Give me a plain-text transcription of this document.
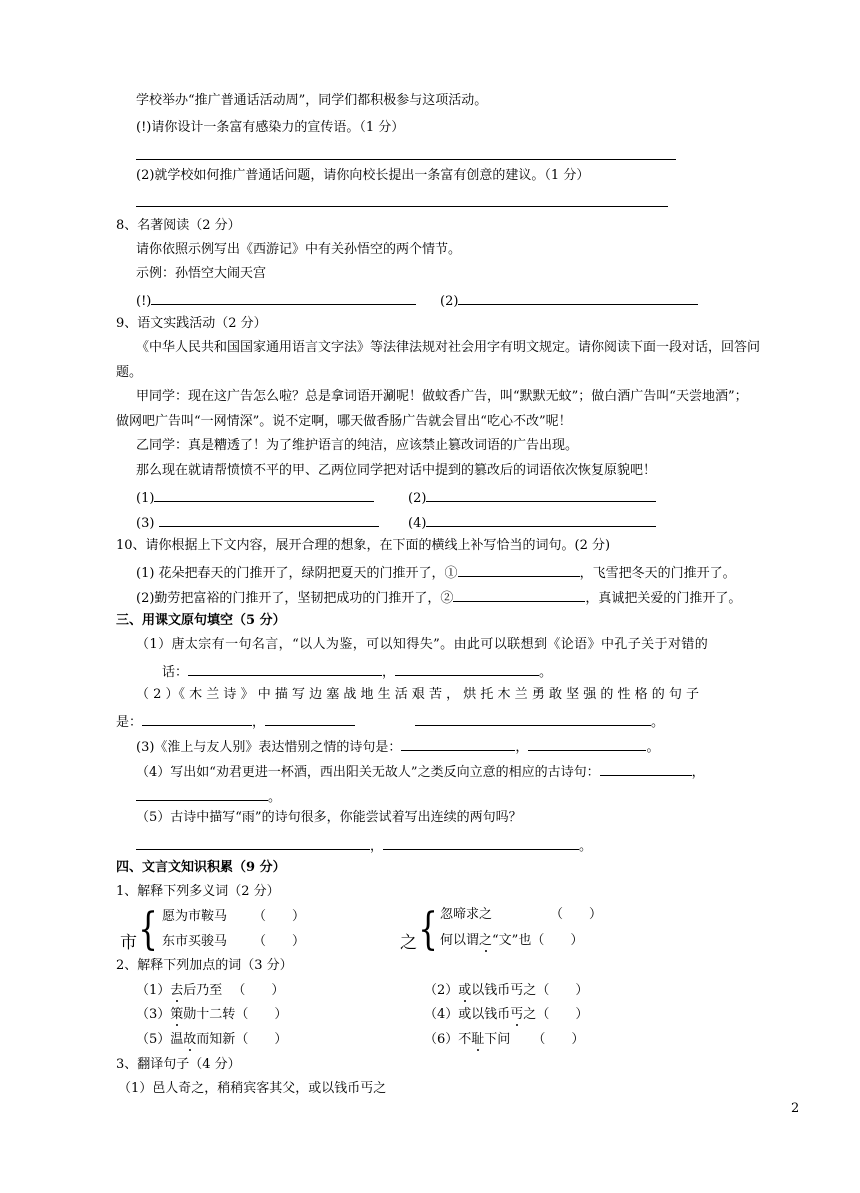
学校举办“推广普通话活动周”，同学们都积极参与这项活动。
(!)请你设计一条富有感染力的宣传语。（1 分）
(2)就学校如何推广普通话问题，请你向校长提出一条富有创意的建议。（1 分）
8、名著阅读（2 分）
请你依照示例写出《西游记》中有关孙悟空的两个情节。
示例：孙悟空大闹天宫
(!)	(2)
9、语文实践活动（2 分）
《中华人民共和国国家通用语言文字法》等法律法规对社会用字有明文规定。请你阅读下面一段对话，回答问
题。
甲同学：现在这广告怎么啦？总是拿词语开涮呢！做蚊香广告，叫“默默无蚊”；做白酒广告叫“天尝地酒”；
做网吧广告叫“一网情深”。说不定啊，哪天做香肠广告就会冒出“吃心不改”呢！
乙同学：真是糟透了！为了维护语言的纯洁，应该禁止篡改词语的广告出现。
那么现在就请帮愤愤不平的甲、乙两位同学把对话中提到的篡改后的词语依次恢复原貌吧！
(1)	(2)
(3)	(4)
10、请你根据上下文内容，展开合理的想象，在下面的横线上补写恰当的词句。(2 分)
(1) 花朵把春天的门推开了，绿阴把夏天的门推开了，①	，飞雪把冬天的门推开了。
(2)勤劳把富裕的门推开了，坚韧把成功的门推开了，②	，真诚把关爱的门推开了。
三、用课文原句填空（5 分）
（1）唐太宗有一句名言，“以人为鉴，可以知得失”。由此可以联想到《论语》中孔子关于对错的
话：	，	。
（ 2 ）《 木 兰 诗 》 中 描 写 边 塞 战 地 生 活 艰 苦 ， 烘 托 木 兰 勇 敢 坚 强 的 性 格 的 句 子
是：	，	。
(3)《淮上与友人别》表达惜别之情的诗句是：	，	。
（4）写出如“劝君更进一杯酒，西出阳关无故人”之类反向立意的相应的古诗句：	，
。
（5）古诗中描写“雨”的诗句很多，你能尝试着写出连续的两句吗？
，	。
四、文言文知识积累（9 分）
1、解释下列多义词（2 分）
市 { 愿为市鞍马 （　　）
东市买骏马 （　　）	之 { 忽啼求之	（　　）
何以谓之“文”也（　　）
2、解释下列加点的词（3 分）
（1）去后乃至 （　　）	（2）或以钱币丐之（　　）
（3）策勋十二转（　　）	（4）或以钱币丐之（　　）
（5）温故而知新（　　）	（6）不耻下问 （　　）
3、翻译句子（4 分）
（1）邑人奇之，稍稍宾客其父，或以钱币丐之
2
